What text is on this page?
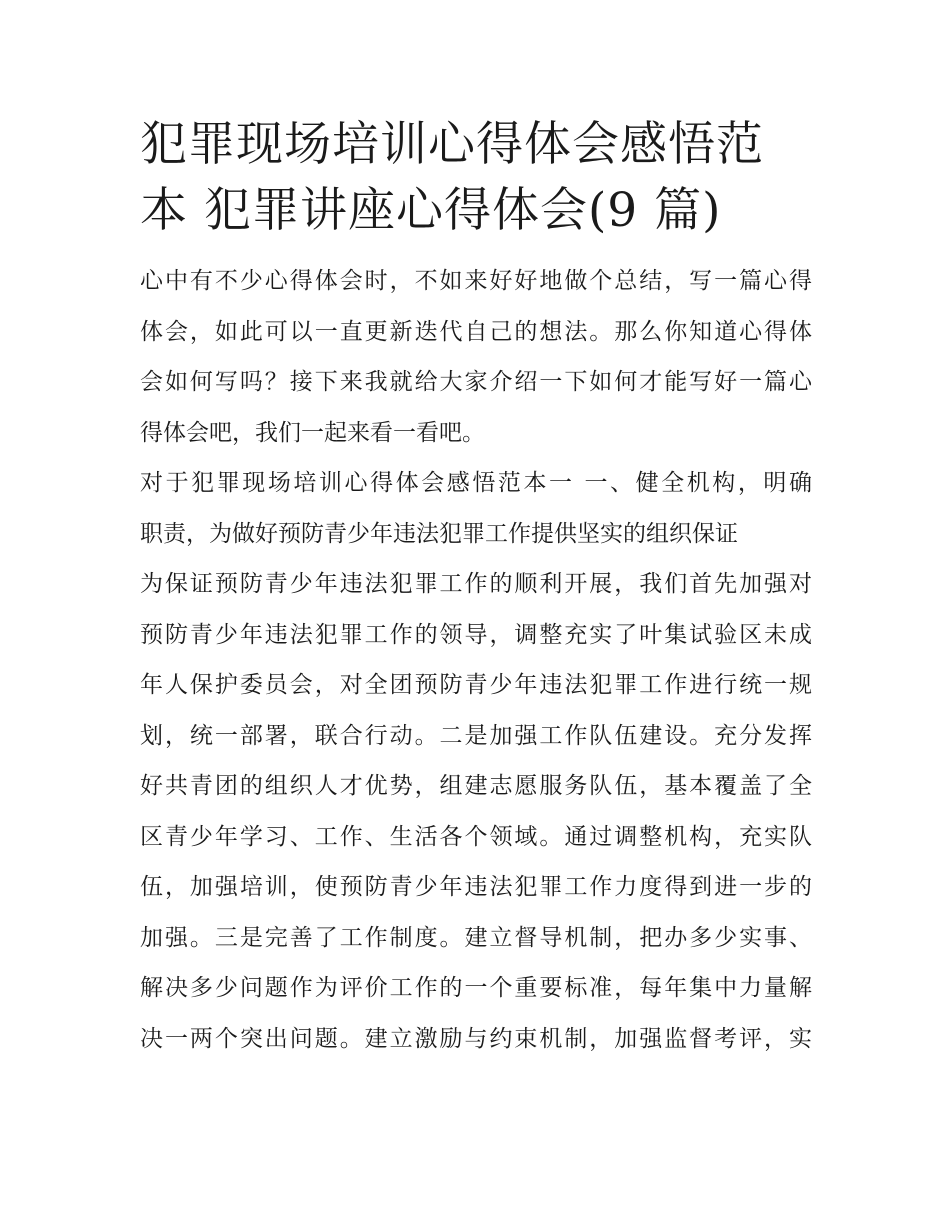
犯罪现场培训心得体会感悟范
本 犯罪讲座心得体会(9 篇)

心中有不少心得体会时，不如来好好地做个总结，写一篇心得
体会，如此可以一直更新迭代自己的想法。那么你知道心得体
会如何写吗？接下来我就给大家介绍一下如何才能写好一篇心
得体会吧，我们一起来看一看吧。

对于犯罪现场培训心得体会感悟范本一 一、健全机构，明确
职责，为做好预防青少年违法犯罪工作提供坚实的组织保证

为保证预防青少年违法犯罪工作的顺利开展，我们首先加强对
预防青少年违法犯罪工作的领导，调整充实了叶集试验区未成
年人保护委员会，对全团预防青少年违法犯罪工作进行统一规
划，统一部署，联合行动。二是加强工作队伍建设。充分发挥
好共青团的组织人才优势，组建志愿服务队伍，基本覆盖了全
区青少年学习、工作、生活各个领域。通过调整机构，充实队
伍，加强培训，使预防青少年违法犯罪工作力度得到进一步的
加强。三是完善了工作制度。建立督导机制，把办多少实事、
解决多少问题作为评价工作的一个重要标准，每年集中力量解
决一两个突出问题。建立激励与约束机制，加强监督考评，实
